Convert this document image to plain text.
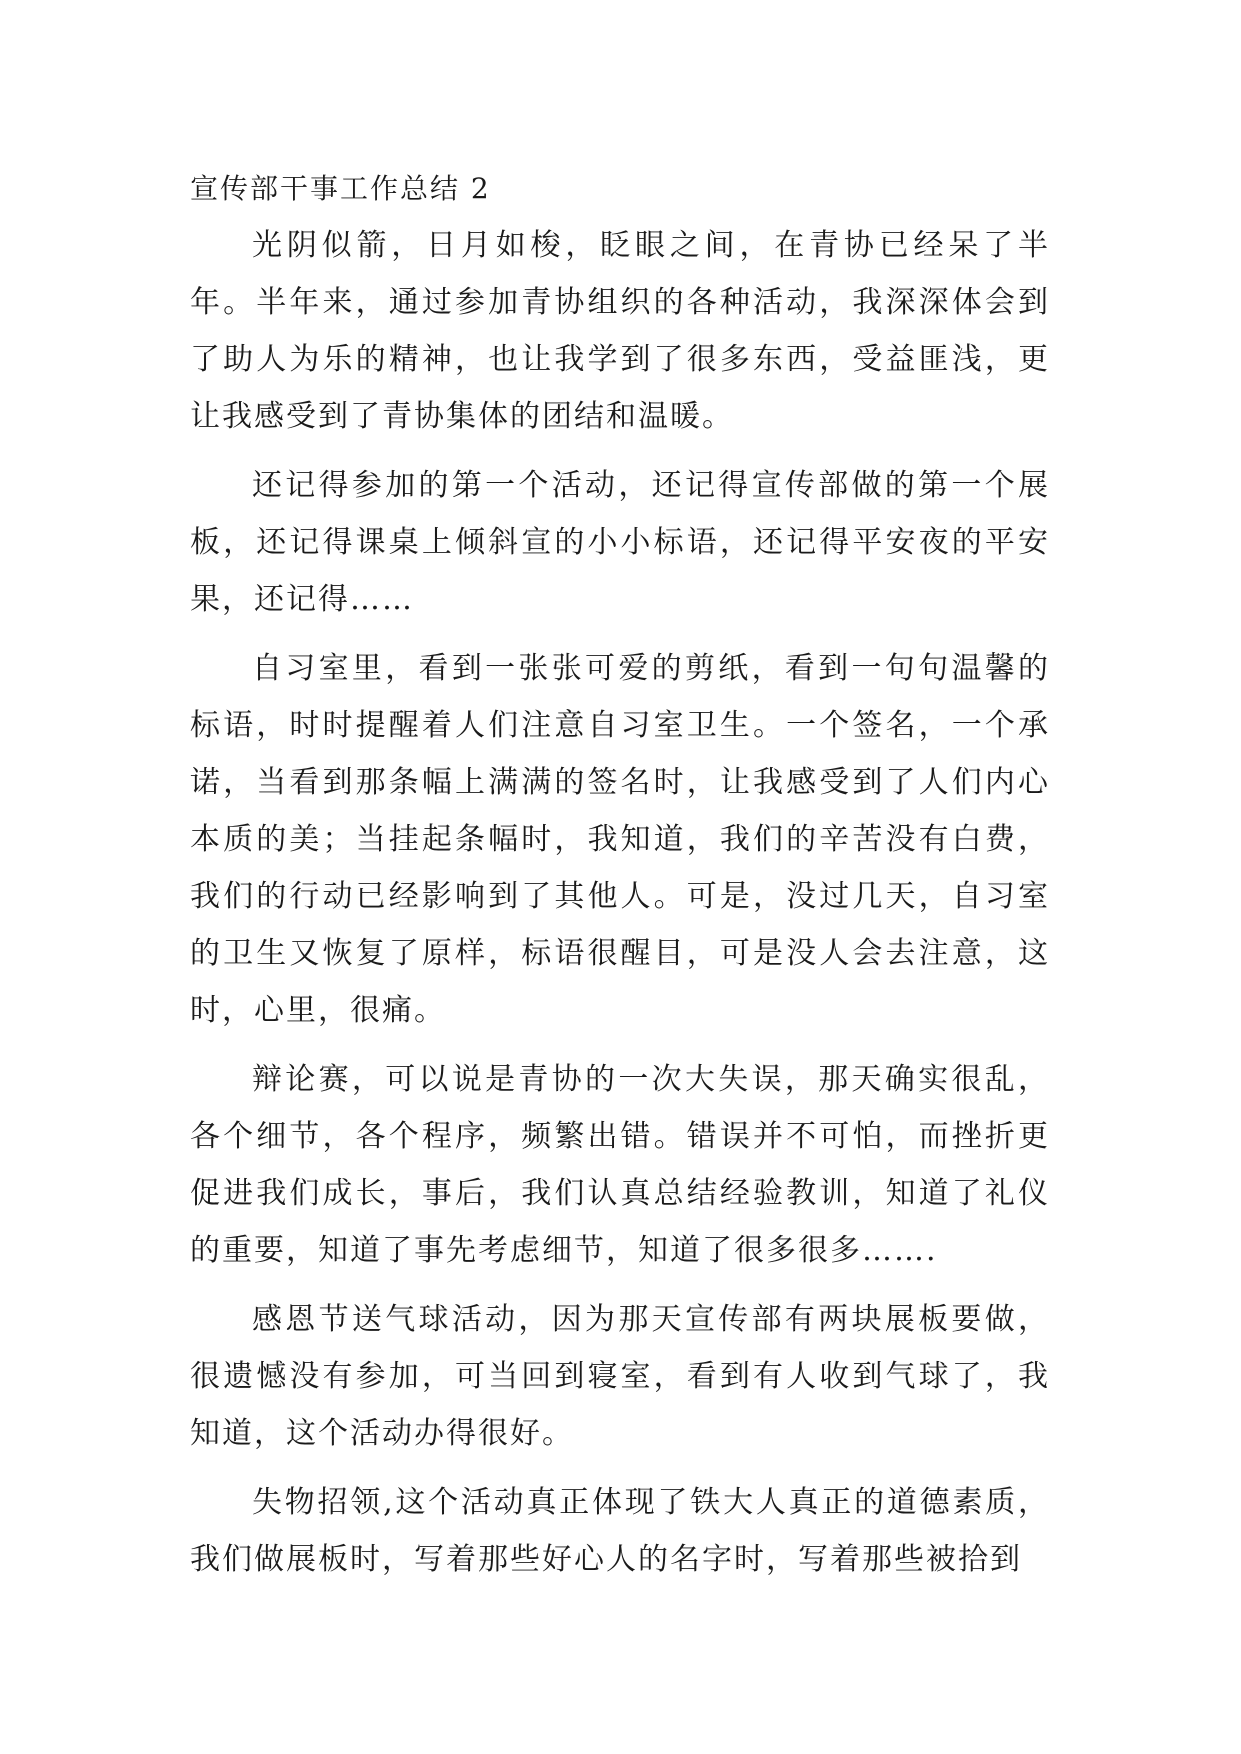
宣传部干事工作总结 2

光阴似箭，日月如梭，眨眼之间，在青协已经呆了半年。半年来，通过参加青协组织的各种活动，我深深体会到了助人为乐的精神，也让我学到了很多东西，受益匪浅，更让我感受到了青协集体的团结和温暖。

还记得参加的第一个活动，还记得宣传部做的第一个展板，还记得课桌上倾斜宣的小小标语，还记得平安夜的平安果，还记得……

自习室里，看到一张张可爱的剪纸，看到一句句温馨的标语，时时提醒着人们注意自习室卫生。一个签名，一个承诺，当看到那条幅上满满的签名时，让我感受到了人们内心本质的美；当挂起条幅时，我知道，我们的辛苦没有白费，我们的行动已经影响到了其他人。可是，没过几天，自习室的卫生又恢复了原样，标语很醒目，可是没人会去注意，这时，心里，很痛。

辩论赛，可以说是青协的一次大失误，那天确实很乱，各个细节，各个程序，频繁出错。错误并不可怕，而挫折更促进我们成长，事后，我们认真总结经验教训，知道了礼仪的重要，知道了事先考虑细节，知道了很多很多…….

感恩节送气球活动，因为那天宣传部有两块展板要做，很遗憾没有参加，可当回到寝室，看到有人收到气球了，我知道，这个活动办得很好。

失物招领,这个活动真正体现了铁大人真正的道德素质，我们做展板时，写着那些好心人的名字时，写着那些被拾到
